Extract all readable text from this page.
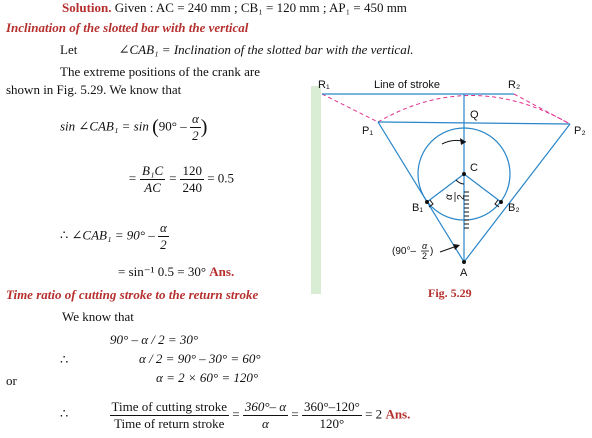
Solution. Given : AC = 240 mm ; CB₁ = 120 mm ; AP₁ = 450 mm
Inclination of the slotted bar with the vertical
Let	∠CAB₁ = Inclination of the slotted bar with the vertical.
The extreme positions of the crank are
shown in Fig. 5.29. We know that
sin ∠CAB₁ = $\sin (90^\circ - \frac{\alpha}{2}$ )
= $\frac{\text{B₁C}}{AC} = \frac{120}{240} = 0.5$
∴ ∠CAB₁ = $90^\circ - \frac{\alpha}{2}$
= sin⁻¹ 0.5 = 30° Ans.
Time ratio of cutting stroke to the return stroke
We know that
90° – α / 2 = 30°
∴	α / 2 = 90° – 30° = 60°
or	α = 2 × 60° = 120°
∴	$\frac{\text{Time of cutting stroke}}{\text{Time of return stroke}} = \frac{360^\circ- \alpha}{\alpha} = \frac{360^\circ-120^\circ}{120^\circ} = 2$ Ans.
R₁	Line of stroke	R₂
Q
P₁	P₂
C
B₁	B₂
A
α 2
(90°– α
2 )
Fig. 5.29
